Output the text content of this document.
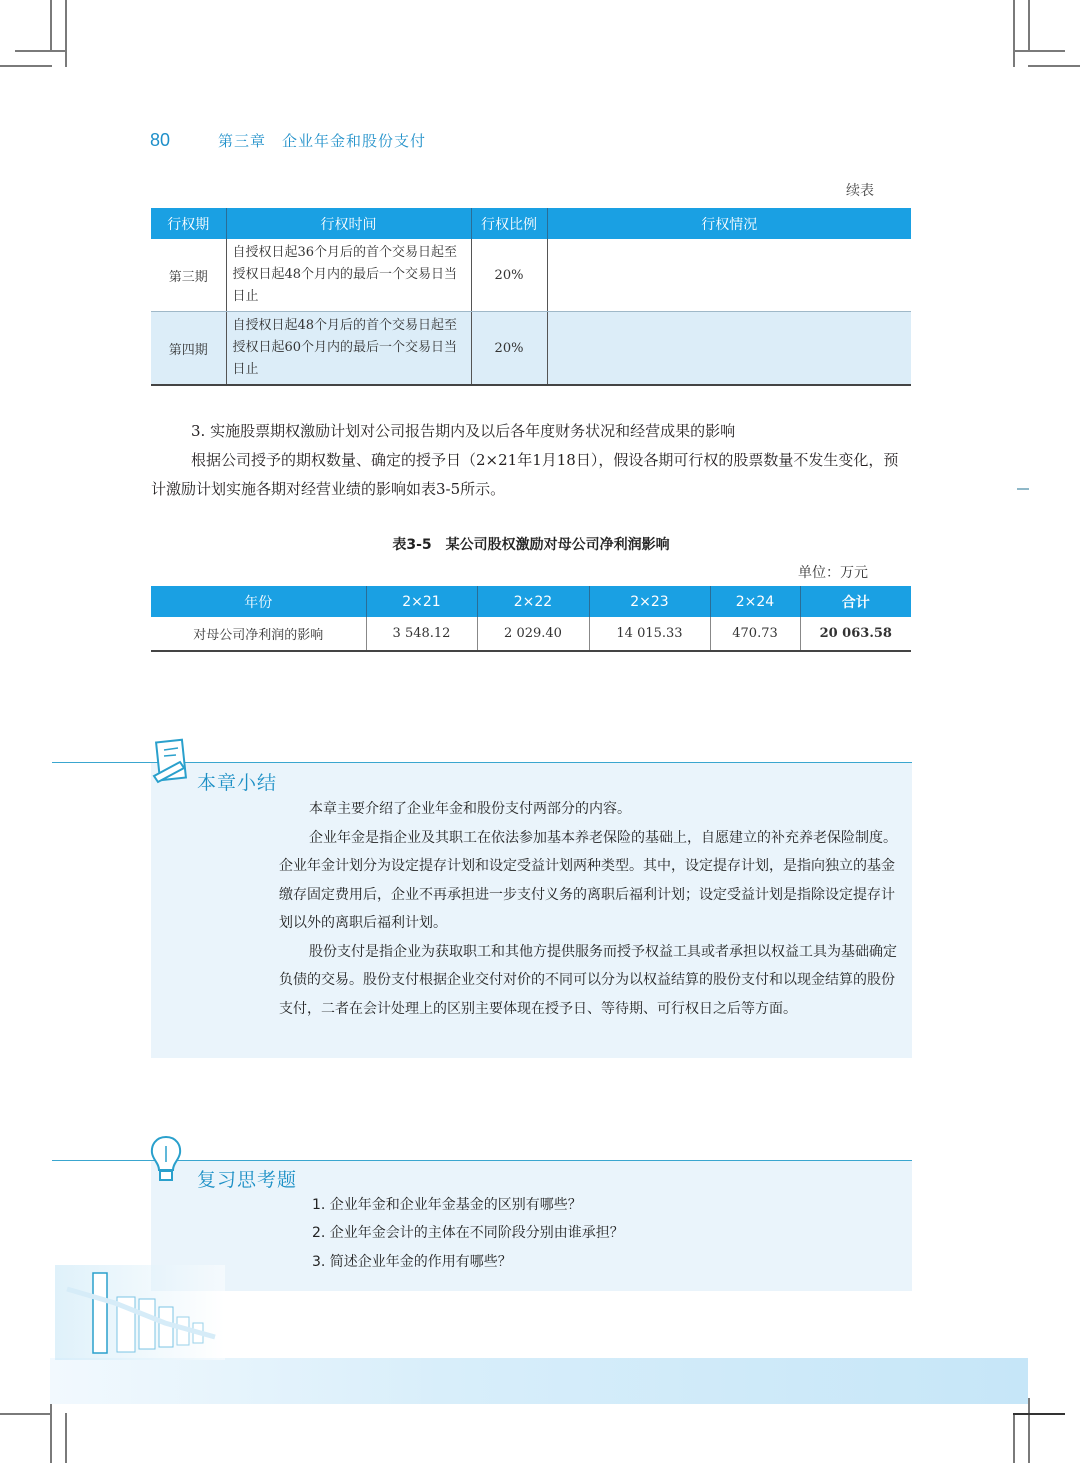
80	第三章　企业年金和股份支付
续表
行权期	行权时间	行权比例	行权情况
第三期	自授权日起36个月后的首个交易日起至授权日起48个月内的最后一个交易日当日止	20%	
第四期	自授权日起48个月后的首个交易日起至授权日起60个月内的最后一个交易日当日止	20%	
3. 实施股票期权激励计划对公司报告期内及以后各年度财务状况和经营成果的影响
根据公司授予的期权数量、确定的授予日（2×21年1月18日），假设各期可行权的股票数量不发生变化，预计激励计划实施各期对经营业绩的影响如表3-5所示。
表3-5　某公司股权激励对母公司净利润影响
单位：万元
年份	2×21	2×22	2×23	2×24	合计
对母公司净利润的影响	3 548.12	2 029.40	14 015.33	470.73	20 063.58
本章小结
本章主要介绍了企业年金和股份支付两部分的内容。
企业年金是指企业及其职工在依法参加基本养老保险的基础上，自愿建立的补充养老保险制度。企业年金计划分为设定提存计划和设定受益计划两种类型。其中，设定提存计划，是指向独立的基金缴存固定费用后，企业不再承担进一步支付义务的离职后福利计划；设定受益计划是指除设定提存计划以外的离职后福利计划。
股份支付是指企业为获取职工和其他方提供服务而授予权益工具或者承担以权益工具为基础确定负债的交易。股份支付根据企业交付对价的不同可以分为以权益结算的股份支付和以现金结算的股份支付，二者在会计处理上的区别主要体现在授予日、等待期、可行权日之后等方面。
复习思考题
1. 企业年金和企业年金基金的区别有哪些？
2. 企业年金会计的主体在不同阶段分别由谁承担？
3. 简述企业年金的作用有哪些？
